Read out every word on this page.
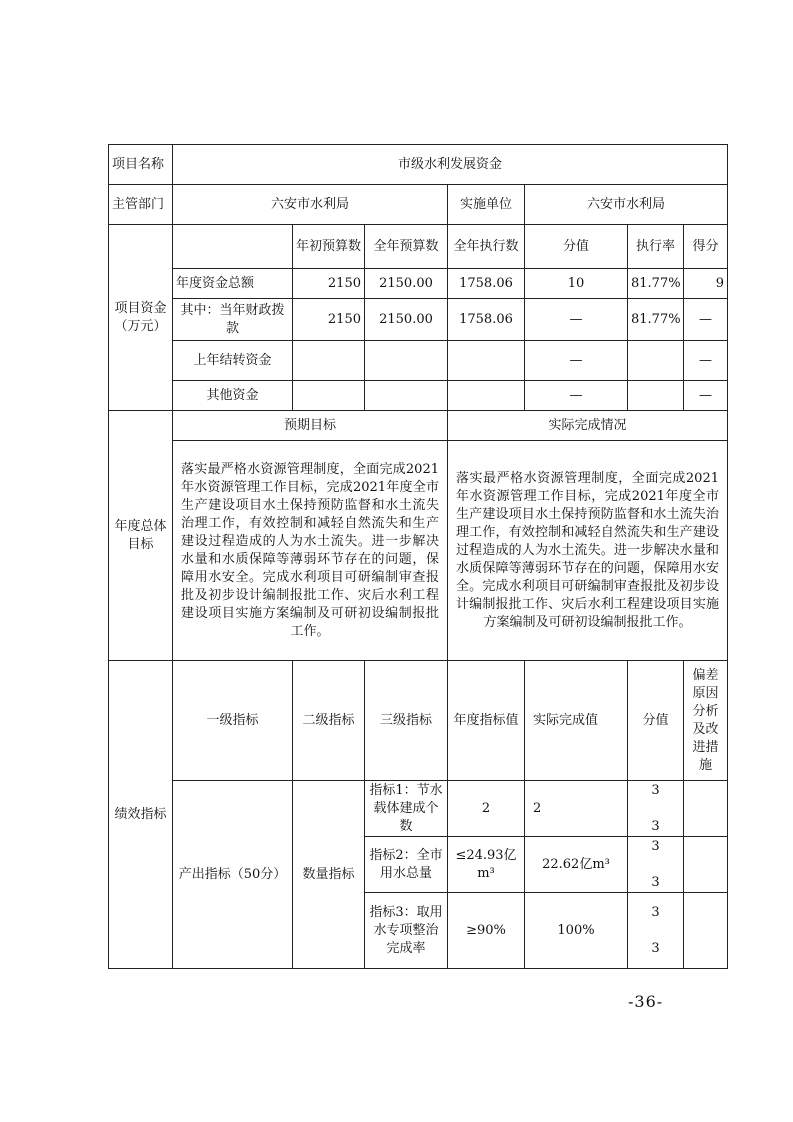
项目名称	市级水利发展资金						
主管部门	六安市水利局			实施单位	六安市水利局		
项目资金（万元）		年初预算数	全年预算数	全年执行数	分值	执行率	得分
	年度资金总额	2150	2150.00	1758.06	10	81.77%	9
	其中：当年财政拨款	2150	2150.00	1758.06	—	81.77%	—
	上年结转资金				—		—
	其他资金				—		—
年度总体目标	预期目标			实际完成情况			
	落实最严格水资源管理制度，全面完成2021年水资源管理工作目标，完成2021年度全市生产建设项目水土保持预防监督和水土流失治理工作，有效控制和减轻自然流失和生产建设过程造成的人为水土流失。进一步解决水量和水质保障等薄弱环节存在的问题，保障用水安全。完成水利项目可研编制审查报批及初步设计编制报批工作、灾后水利工程建设项目实施方案编制及可研初设编制报批工作。			落实最严格水资源管理制度，全面完成2021年水资源管理工作目标，完成2021年度全市生产建设项目水土保持预防监督和水土流失治理工作，有效控制和减轻自然流失和生产建设过程造成的人为水土流失。进一步解决水量和水质保障等薄弱环节存在的问题，保障用水安全。完成水利项目可研编制审查报批及初步设计编制报批工作、灾后水利工程建设项目实施方案编制及可研初设编制报批工作。			
绩效指标	一级指标	二级指标	三级指标	年度指标值	实际完成值	分值	偏差原因分析及改进措施
	产出指标（50分）	数量指标	指标1：节水载体建成个数	2	2	3  3	
			指标2：全市用水总量	≤24.93亿m³	22.62亿m³	3  3	
			指标3：取用水专项整治完成率	≥90%	100%	3  3	
-36-
